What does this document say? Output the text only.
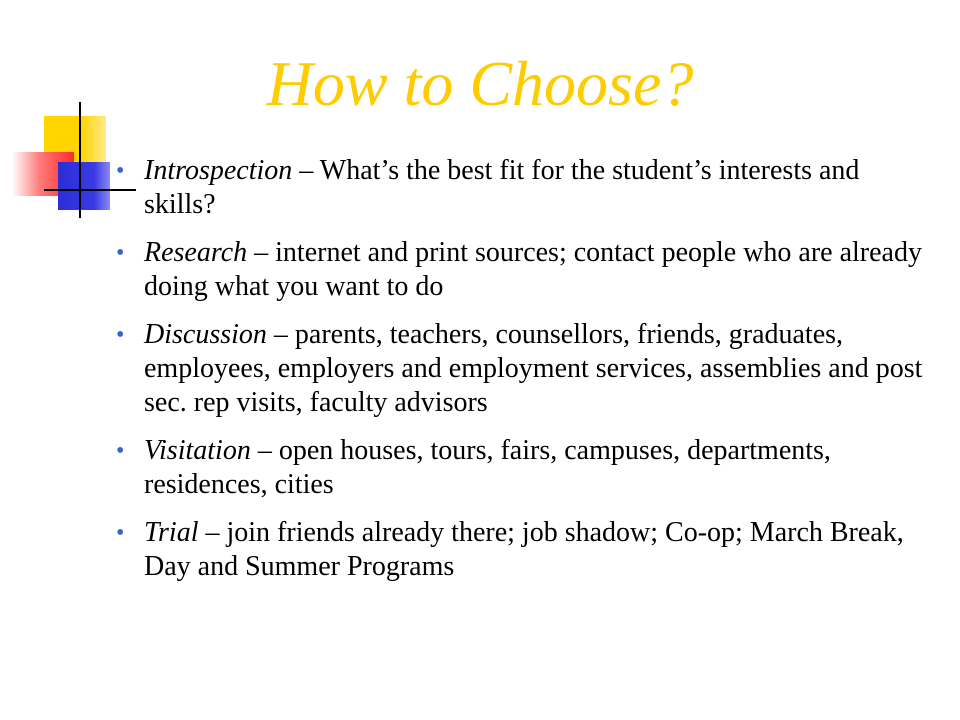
How to Choose?
• Introspection – What’s the best fit for the student’s interests and skills?
• Research – internet and print sources; contact people who are already doing what you want to do
• Discussion – parents, teachers, counsellors, friends, graduates, employees, employers and employment services, assemblies and post sec. rep visits, faculty advisors
• Visitation – open houses, tours, fairs, campuses, departments, residences, cities
• Trial – join friends already there; job shadow; Co-op; March Break, Day and Summer Programs
